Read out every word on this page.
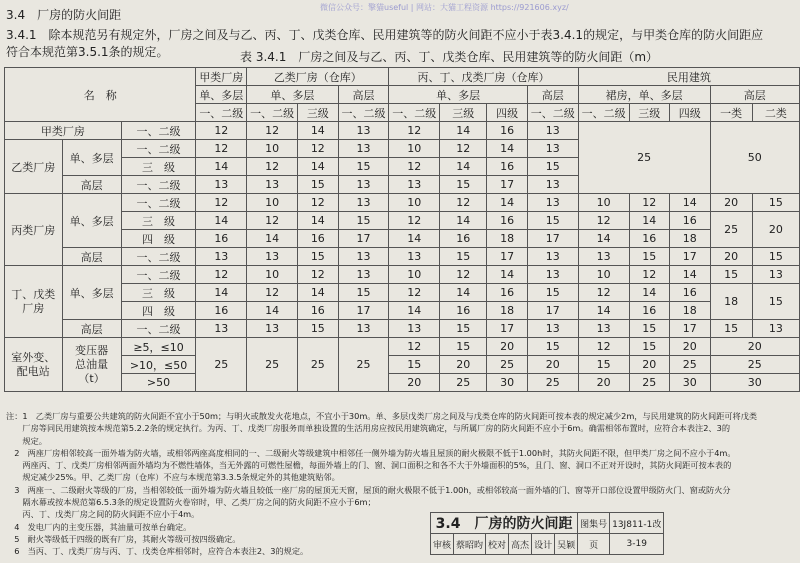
微信公众号：擎猫useful | 网站：大猫工程资源 https://921606.xyz/
3.4　厂房的防火间距
3.4.1　除本规范另有规定外，厂房之间及与乙、丙、丁、戊类仓库、民用建筑等的防火间距不应小于表3.4.1的规定，与甲类仓库的防火间距应
符合本规范第3.5.1条的规定。	表 3.4.1　厂房之间及与乙、丙、丁、戊类仓库、民用建筑等的防火间距（m）
名　称			甲类厂房	乙类厂房（仓库）			丙、丁、戊类厂房（仓库）				民用建筑				
			单、多层	单、多层		高层	单、多层			高层	裙房，单、多层			高层	
			一、二级	一、二级	三级	一、二级	一、二级	三级	四级	一、二级	一、二级	三级	四级	一类	二类
甲类厂房		一、二级	12	12	14	13	12	14	16	13	25			50	
乙类厂房	单、多层	一、二级	12	10	12	13	10	12	14	13					
		三　级	14	12	14	15	12	14	16	15					
	高层	一、二级	13	13	15	13	13	15	17	13					
丙类厂房	单、多层	一、二级	12	10	12	13	10	12	14	13	10	12	14	20	15
		三　级	14	12	14	15	12	14	16	15	12	14	16	25	20
		四　级	16	14	16	17	14	16	18	17	14	16	18		
	高层	一、二级	13	13	15	13	13	15	17	13	13	15	17	20	15
丁、戊类
厂房	单、多层	一、二级	12	10	12	13	10	12	14	13	10	12	14	15	13
		三　级	14	12	14	15	12	14	16	15	12	14	16	18	15
		四　级	16	14	16	17	14	16	18	17	14	16	18		
	高层	一、二级	13	13	15	13	13	15	17	13	13	15	17	15	13
室外变、
配电站	变压器
总油量
（t）	≥5，≤10	25	25	25	25	12	15	20	15	12	15	20	20	
		>10，≤50					15	20	25	20	15	20	25	25	
		>50					20	25	30	25	20	25	30	30	
注：1　乙类厂房与重要公共建筑的防火间距不宜小于50m；与明火或散发火花地点，不宜小于30m。单、多层戊类厂房之间及与戊类仓库的防火间距可按本表的规定减少2m，与民用建筑的防火间距可将戊类
　　厂房等同民用建筑按本规范第5.2.2条的规定执行。为丙、丁、戊类厂房服务而单独设置的生活用房应按民用建筑确定，与所属厂房的防火间距不应小于6m。确需相邻布置时，应符合本表注2、3的
　　规定。
　2　两座厂房相邻较高一面外墙为防火墙，或相邻两座高度相同的一、二级耐火等级建筑中相邻任一侧外墙为防火墙且屋顶的耐火极限不低于1.00h时，其防火间距不限，但甲类厂房之间不应小于4m。
　　两座丙、丁、戊类厂房相邻两面外墙均为不燃性墙体，当无外露的可燃性屋檐，每面外墙上的门、窗、洞口面积之和各不大于外墙面积的5%，且门、窗、洞口不正对开设时，其防火间距可按本表的
　　规定减少25%。甲、乙类厂房（仓库）不应与本规范第3.3.5条规定外的其他建筑贴邻。
　3　两座一、二级耐火等级的厂房，当相邻较低一面外墙为防火墙且较低一座厂房的屋顶无天窗，屋顶的耐火极限不低于1.00h，或相邻较高一面外墙的门、窗等开口部位设置甲级防火门、窗或防火分
　　隔水幕或按本规范第6.5.3条的规定设置防火卷帘时，甲、乙类厂房之间的防火间距不应小于6m；
　　丙、丁、戊类厂房之间的防火间距不应小于4m。
　4　发电厂内的主变压器，其油量可按单台确定。
　5　耐火等级低于四级的既有厂房，其耐火等级可按四级确定。
　6　当丙、丁、戊类厂房与丙、丁、戊类仓库相邻时，应符合本表注2、3的规定。
3.4　厂房的防火间距						图集号	13J811-1改
审核	蔡昭昀	校对	高杰	设计	吴颖	页	3-19
